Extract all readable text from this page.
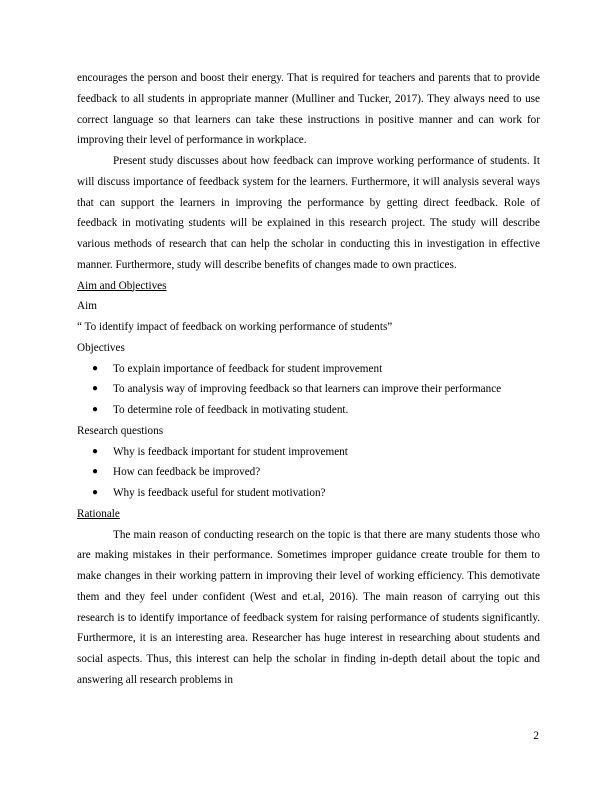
encourages the person and boost their energy. That is required for teachers and parents that to provide feedback to all students in appropriate manner (Mulliner and Tucker, 2017). They always need to use correct language so that learners can take these instructions in positive manner and can work for improving their level of performance in workplace.

Present study discusses about how feedback can improve working performance of students. It will discuss importance of feedback system for the learners. Furthermore, it will analysis several ways that can support the learners in improving the performance by getting direct feedback. Role of feedback in motivating students will be explained in this research project. The study will describe various methods of research that can help the scholar in conducting this in investigation in effective manner. Furthermore, study will describe benefits of changes made to own practices.

Aim and Objectives

Aim

“ To identify impact of feedback on working performance of students”

Objectives

● To explain importance of feedback for student improvement
● To analysis way of improving feedback so that learners can improve their performance
● To determine role of feedback in motivating student.

Research questions

● Why is feedback important for student improvement
● How can feedback be improved?
● Why is feedback useful for student motivation?

Rationale

The main reason of conducting research on the topic is that there are many students those who are making mistakes in their performance. Sometimes improper guidance create trouble for them to make changes in their working pattern in improving their level of working efficiency. This demotivate them and they feel under confident (West and et.al, 2016). The main reason of carrying out this research is to identify importance of feedback system for raising performance of students significantly. Furthermore, it is an interesting area. Researcher has huge interest in researching about students and social aspects. Thus, this interest can help the scholar in finding in-depth detail about the topic and answering all research problems in

2
